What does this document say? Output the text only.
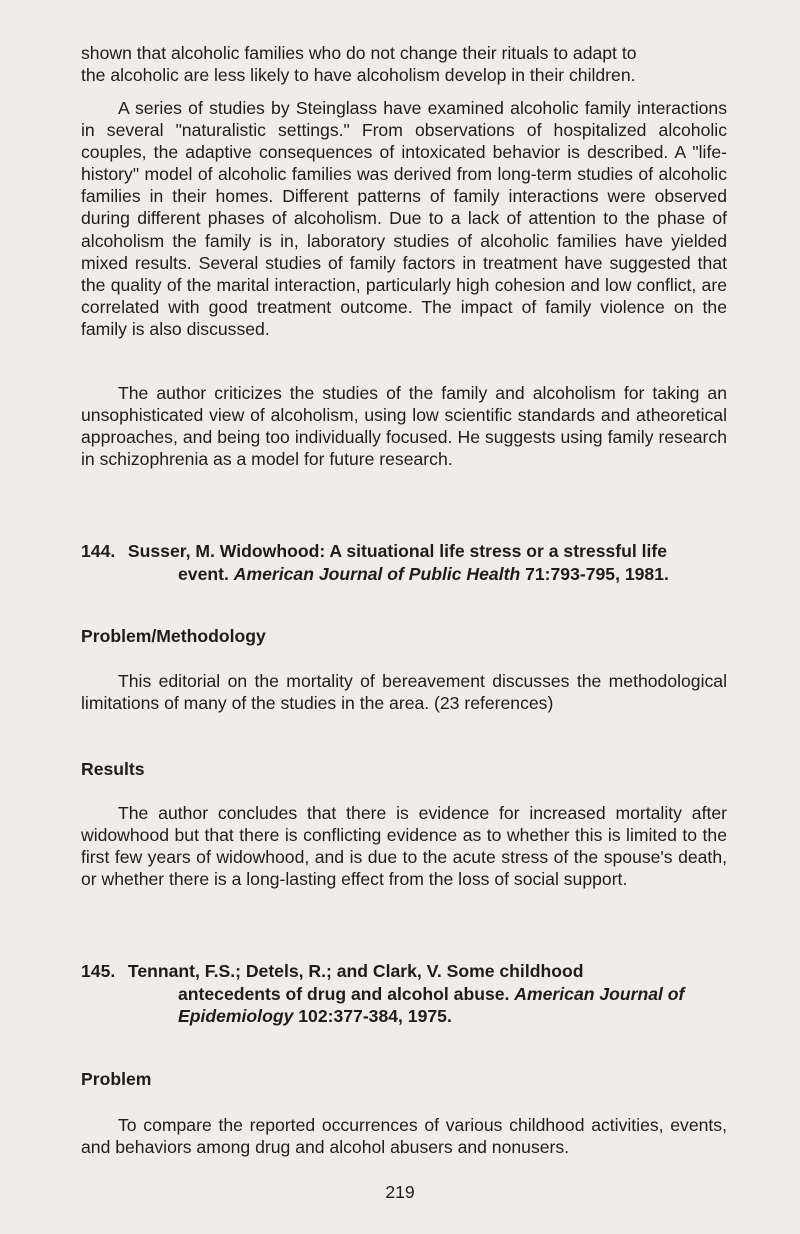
shown that alcoholic families who do not change their rituals to adapt to

the alcoholic are less likely to have alcoholism develop in their children.

A series of studies by Steinglass have examined alcoholic family interactions in several "naturalistic settings." From observations of hospitalized alcoholic couples, the adaptive consequences of intoxicated behavior is described. A "life-history" model of alcoholic families was derived from long-term studies of alcoholic families in their homes. Different patterns of family interactions were observed during different phases of alcoholism. Due to a lack of attention to the phase of alcoholism the family is in, laboratory studies of alcoholic families have yielded mixed results. Several studies of family factors in treatment have suggested that the quality of the marital interaction, particularly high cohesion and low conflict, are correlated with good treatment outcome. The impact of family violence on the family is also discussed.

The author criticizes the studies of the family and alcoholism for taking an unsophisticated view of alcoholism, using low scientific standards and atheoretical approaches, and being too individually focused. He suggests using family research in schizophrenia as a model for future research.

144. Susser, M. Widowhood: A situational life stress or a stressful life
event. American Journal of Public Health 71:793-795, 1981.
Problem/Methodology

This editorial on the mortality of bereavement discusses the methodological limitations of many of the studies in the area. (23 references)

Results

The author concludes that there is evidence for increased mortality after widowhood but that there is conflicting evidence as to whether this is limited to the first few years of widowhood, and is due to the acute stress of the spouse's death, or whether there is a long-lasting effect from the loss of social support.

145. Tennant, F.S.; Detels, R.; and Clark, V. Some childhood
antecedents of drug and alcohol abuse. American Journal of
Epidemiology 102:377-384, 1975.
Problem

To compare the reported occurrences of various childhood activities, events, and behaviors among drug and alcohol abusers and nonusers.

219
